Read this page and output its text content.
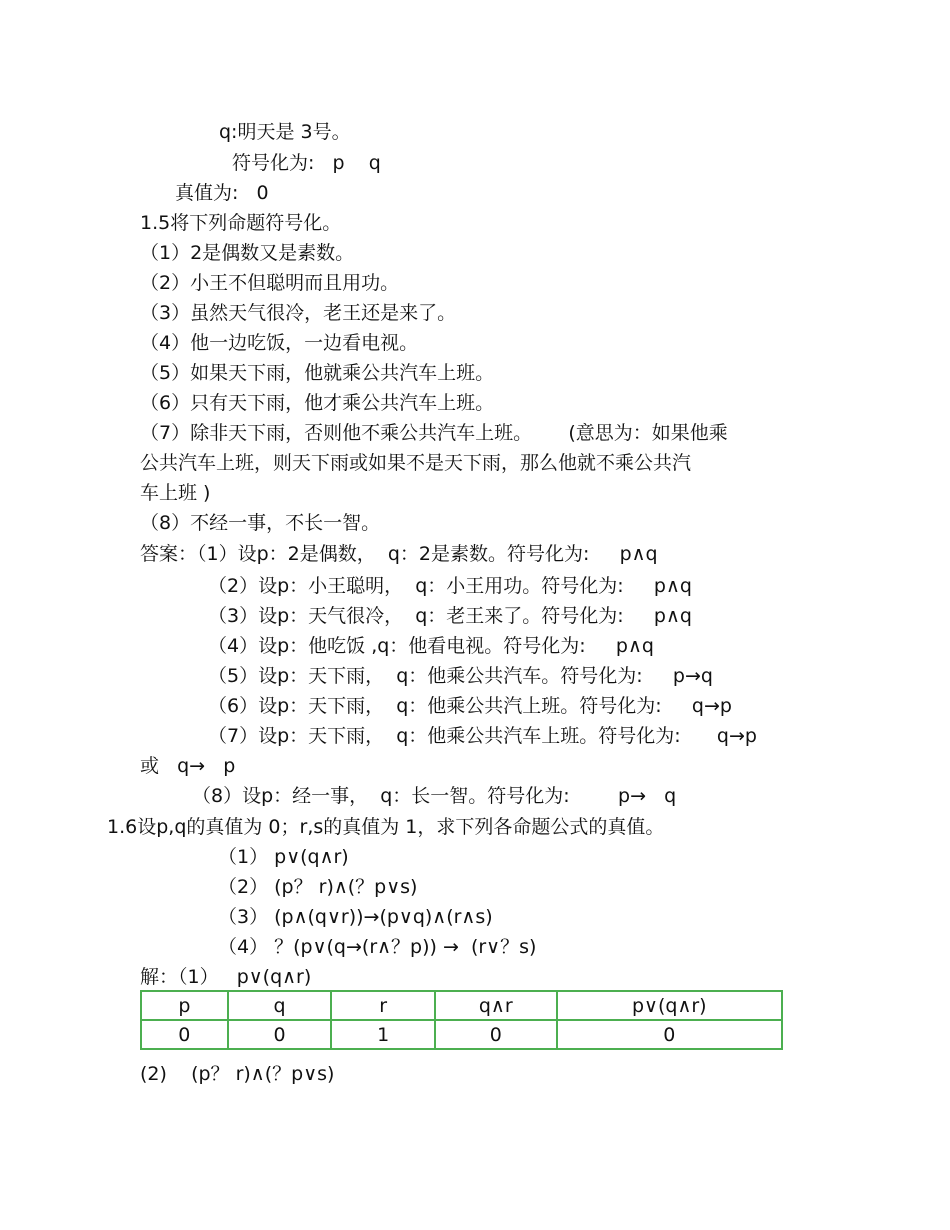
q:明天是 3号。
符号化为:   p    q
真值为:   0
1.5将下列命题符号化。
（1）2是偶数又是素数。
（2）小王不但聪明而且用功。
（3）虽然天气很冷，老王还是来了。
（4）他一边吃饭，一边看电视。
（5）如果天下雨，他就乘公共汽车上班。
（6）只有天下雨，他才乘公共汽车上班。
（7）除非天下雨，否则他不乘公共汽车上班。      (意思为：如果他乘
公共汽车上班，则天下雨或如果不是天下雨，那么他就不乘公共汽
车上班 )
（8）不经一事，不长一智。
答案：（1）设p：2是偶数，  q：2是素数。符号化为:     p∧q
（2）设p：小王聪明，  q：小王用功。符号化为:     p∧q
（3）设p：天气很冷，  q：老王来了。符号化为:     p∧q
（4）设p：他吃饭 ,q：他看电视。符号化为:     p∧q
（5）设p：天下雨，  q：他乘公共汽车。符号化为:     p→q
（6）设p：天下雨，  q：他乘公共汽上班。符号化为:     q→p
（7）设p：天下雨，  q：他乘公共汽车上班。符号化为:      q→p
或   q→   p
（8）设p：经一事，  q：长一智。符号化为:        p→   q
1.6设p,q的真值为 0；r,s的真值为 1，求下列各命题公式的真值。
（1） p∨(q∧r)
（2） (p？ r)∧(？p∨s)
（3） (p∧(q∨r))→(p∨q)∧(r∧s)
（4） ？(p∨(q→(r∧？p)) →  (r∨？s)
解：（1）   p∨(q∧r)
p	q	r	q∧r	p∨(q∧r)
0	0	1	0	0
(2)    (p？ r)∧(？p∨s)
